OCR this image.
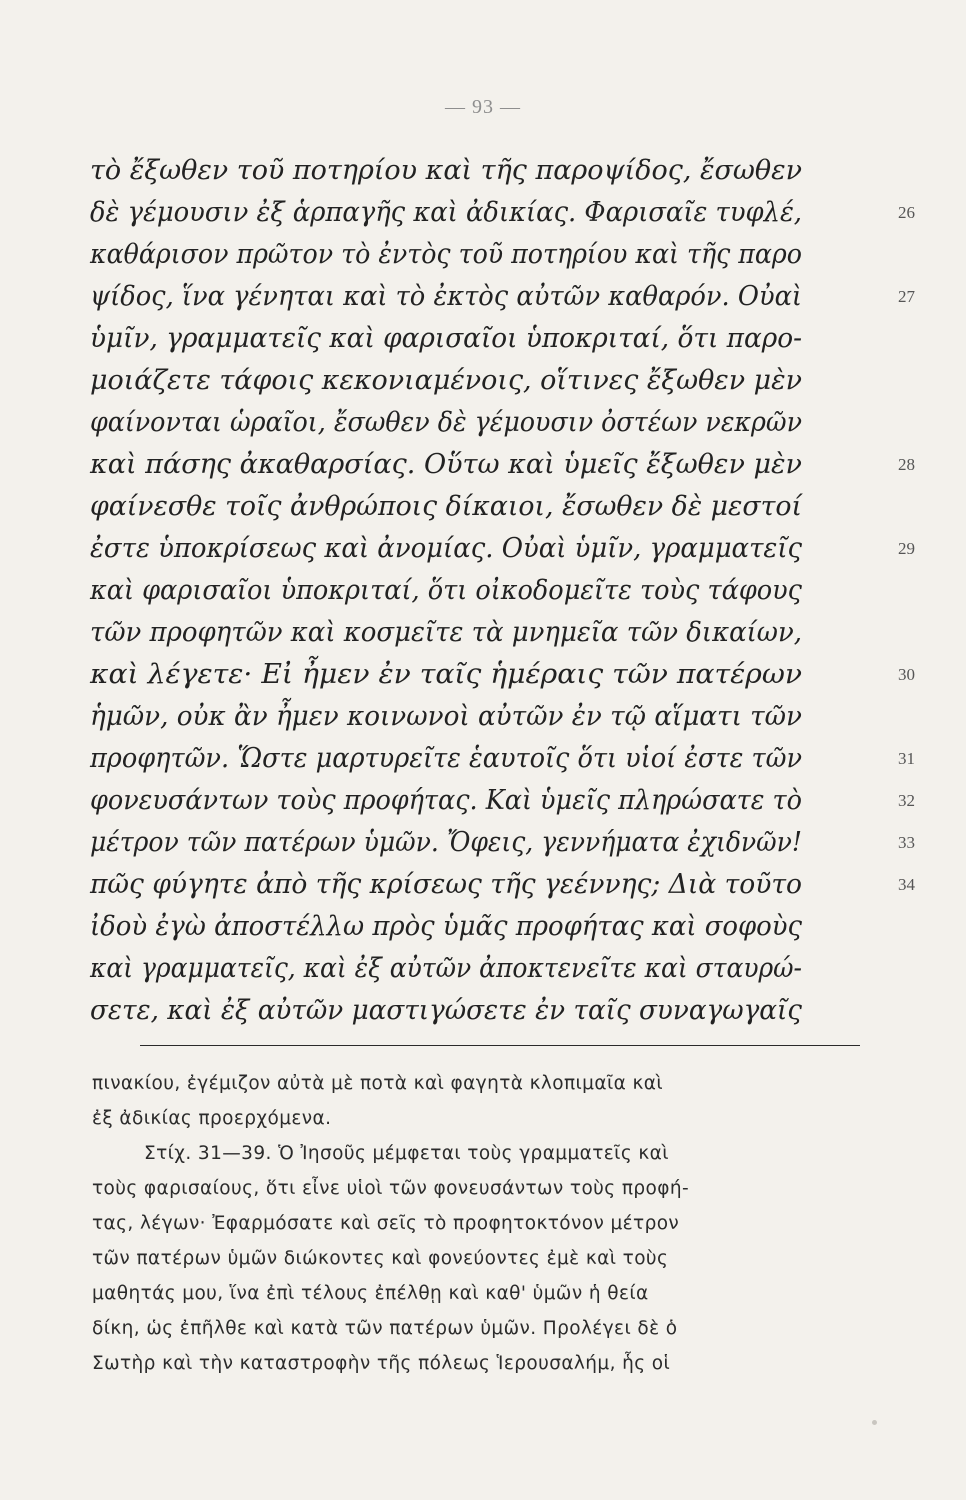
— 93 —
τὸ ἔξωθεν τοῦ ποτηρίου καὶ τῆς παροψίδος, ἔσωθεν
δὲ γέμουσιν ἐξ ἁρπαγῆς καὶ ἀδικίας. Φαρισαῖε τυφλέ,	26
καθάρισον πρῶτον τὸ ἐντὸς τοῦ ποτηρίου καὶ τῆς παρο
ψίδος, ἵνα γένηται καὶ τὸ ἐκτὸς αὐτῶν καθαρόν. Οὐαὶ	27
ὑμῖν, γραμματεῖς καὶ φαρισαῖοι ὑποκριταί, ὅτι παρο-
μοιάζετε τάφοις κεκονιαμένοις, οἵτινες ἔξωθεν μὲν
φαίνονται ὡραῖοι, ἔσωθεν δὲ γέμουσιν ὀστέων νεκρῶν
καὶ πάσης ἀκαθαρσίας. Οὕτω καὶ ὑμεῖς ἔξωθεν μὲν	28
φαίνεσθε τοῖς ἀνθρώποις δίκαιοι, ἔσωθεν δὲ μεστοί
ἐστε ὑποκρίσεως καὶ ἀνομίας. Οὐαὶ ὑμῖν, γραμματεῖς	29
καὶ φαρισαῖοι ὑποκριταί, ὅτι οἰκοδομεῖτε τοὺς τάφους
τῶν προφητῶν καὶ κοσμεῖτε τὰ μνημεῖα τῶν δικαίων,
καὶ λέγετε· Εἰ ἦμεν ἐν ταῖς ἡμέραις τῶν πατέρων	30
ἡμῶν, οὐκ ἂν ἦμεν κοινωνοὶ αὐτῶν ἐν τῷ αἵματι τῶν
προφητῶν. Ὥστε μαρτυρεῖτε ἑαυτοῖς ὅτι υἱοί ἐστε τῶν	31
φονευσάντων τοὺς προφήτας. Καὶ ὑμεῖς πληρώσατε τὸ	32
μέτρον τῶν πατέρων ὑμῶν. Ὄφεις, γεννήματα ἐχιδνῶν!	33
πῶς φύγητε ἀπὸ τῆς κρίσεως τῆς γεέννης; Διὰ τοῦτο	34
ἰδοὺ ἐγὼ ἀποστέλλω πρὸς ὑμᾶς προφήτας καὶ σοφοὺς
καὶ γραμματεῖς, καὶ ἐξ αὐτῶν ἀποκτενεῖτε καὶ σταυρώ-
σετε, καὶ ἐξ αὐτῶν μαστιγώσετε ἐν ταῖς συναγωγαῖς
πινακίου, ἐγέμιζον αὐτὰ μὲ ποτὰ καὶ φαγητὰ κλοπιμαῖα καὶ
ἐξ ἀδικίας προερχόμενα.
Στίχ. 31—39. Ὁ Ἰησοῦς μέμφεται τοὺς γραμματεῖς καὶ
τοὺς φαρισαίους, ὅτι εἶνε υἱοὶ τῶν φονευσάντων τοὺς προφή-
τας, λέγων· Ἐφαρμόσατε καὶ σεῖς τὸ προφητοκτόνον μέτρον
τῶν πατέρων ὑμῶν διώκοντες καὶ φονεύοντες ἐμὲ καὶ τοὺς
μαθητάς μου, ἵνα ἐπὶ τέλους ἐπέλθῃ καὶ καθ' ὑμῶν ἡ θεία
δίκη, ὡς ἐπῆλθε καὶ κατὰ τῶν πατέρων ὑμῶν. Προλέγει δὲ ὁ
Σωτὴρ καὶ τὴν καταστροφὴν τῆς πόλεως Ἱερουσαλήμ, ἧς οἱ
